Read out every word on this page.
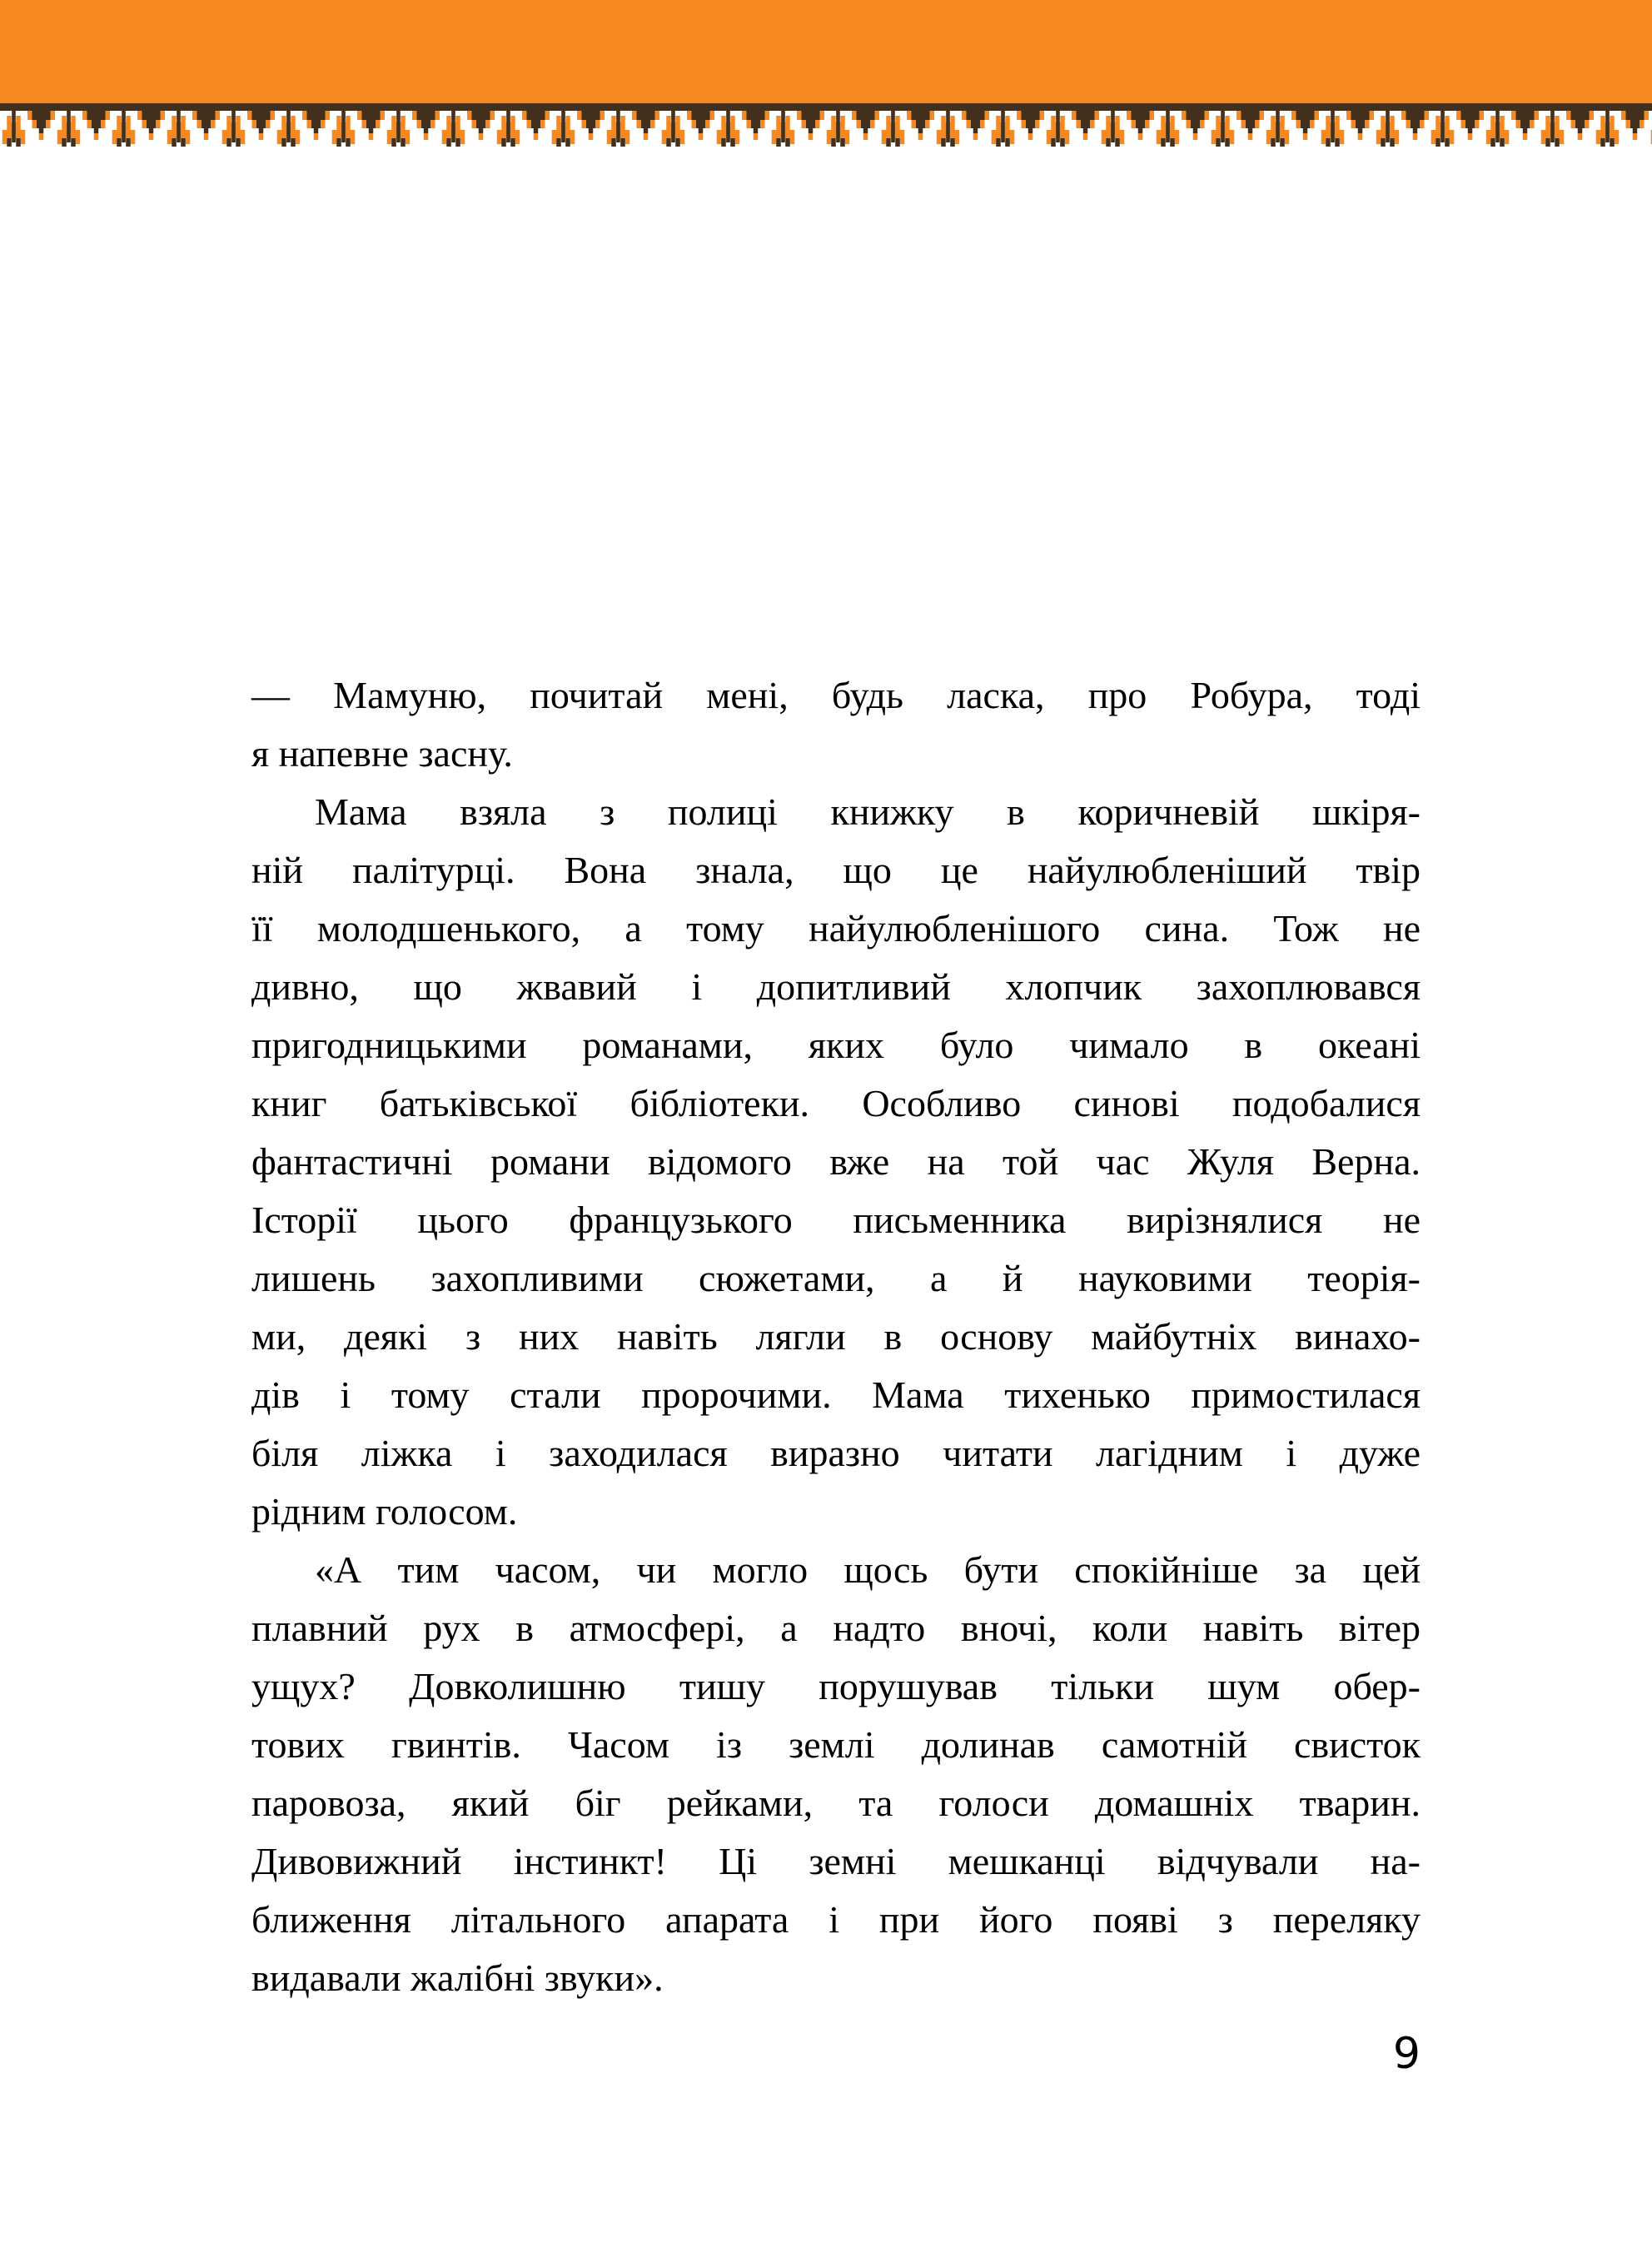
— Мамуню, почитай мені, будь ласка, про Робура, тоді
я напевне засну.

Мама взяла з полиці книжку в коричневій шкіря-
ній палітурці. Вона знала, що це найулюбленіший твір
її молодшенького, а тому найулюбленішого сина. Тож не
дивно, що жвавий і допитливий хлопчик захоплювався
пригодницькими романами, яких було чимало в океані
книг батьківської бібліотеки. Особливо синові подобалися
фантастичні романи відомого вже на той час Жуля Верна.
Історії цього французького письменника вирізнялися не
лишень захопливими сюжетами, а й науковими теорія-
ми, деякі з них навіть лягли в основу майбутніх винахо-
дів і тому стали пророчими. Мама тихенько примостилася
біля ліжка і заходилася виразно читати лагідним і дуже
рідним голосом.

«А тим часом, чи могло щось бути спокійніше за цей
плавний рух в атмосфері, а надто вночі, коли навіть вітер
ущух? Довколишню тишу порушував тільки шум обер-
тових гвинтів. Часом із землі долинав самотній свисток
паровоза, який біг рейками, та голоси домашніх тварин.
Дивовижний інстинкт! Ці земні мешканці відчували на-
ближення літального апарата і при його появі з переляку
видавали жалібні звуки».

9
